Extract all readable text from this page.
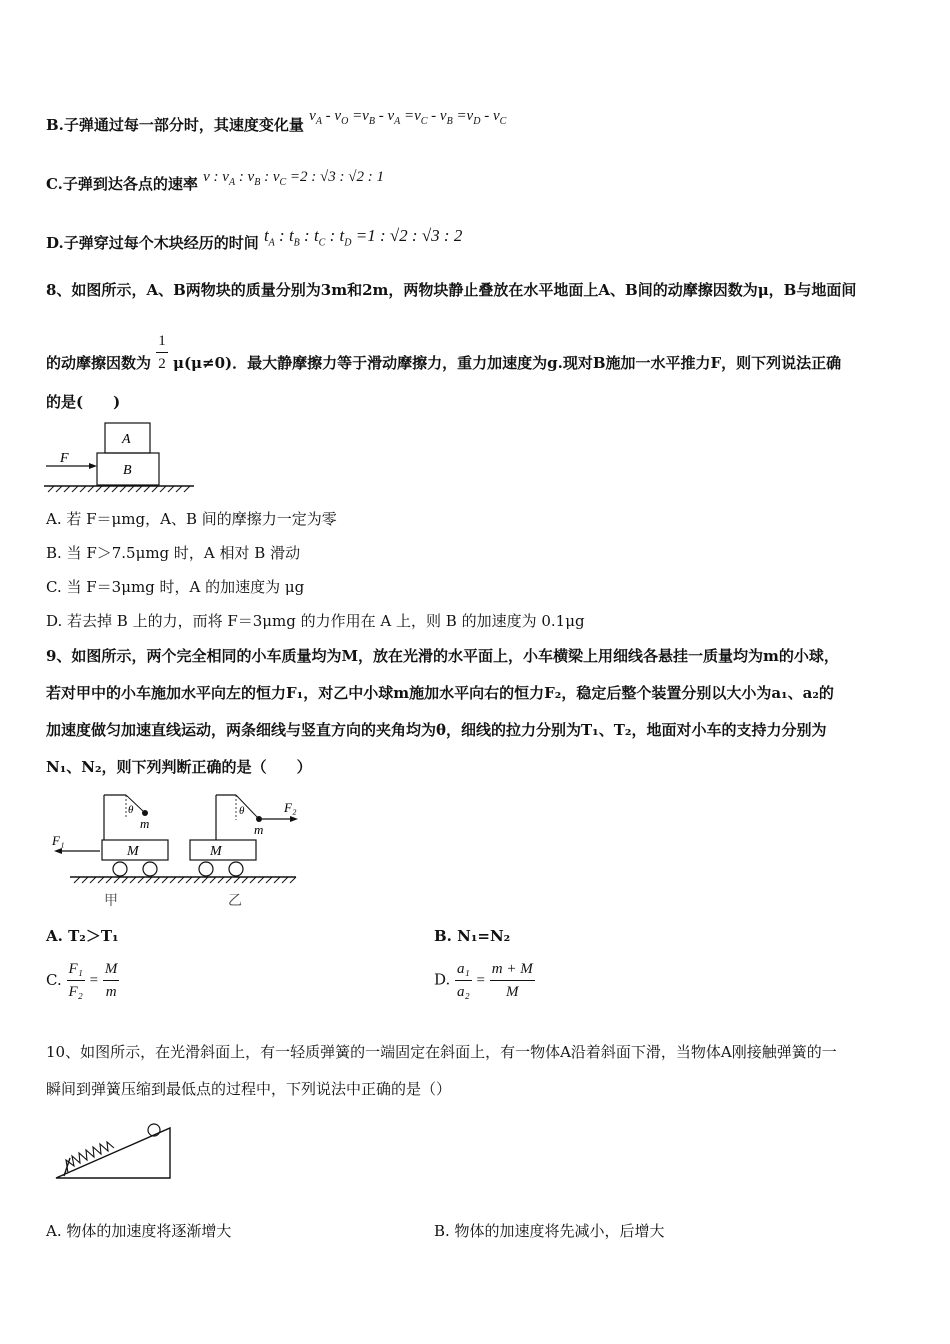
B.子弹通过每一部分时，其速度变化量 $v_A - v_O =v_B - v_A =v_C - v_B =v_D - v_C$
C.子弹到达各点的速率 v : $v_A$ : $v_B$ : $v_C =2$ : √3 : √2 : 1
D.子弹穿过每个木块经历的时间 $t_A$ : $t_B$ : $t_C$ : $t_D =1$ : √2 : √3 : 2
8、如图所示，A、B两物块的质量分别为3m和2m，两物块静止叠放在水平地面上A、B间的动摩擦因数为μ，B与地面间
的动摩擦因数为 $\frac{1}{2} \mu(\mu\ne 0)$．最大静摩擦力等于滑动摩擦力，重力加速度为g.现对B施加一水平推力F，则下列说法正确
的是(　　)
A
B
F
A. 若 F＝μmg，A、B 间的摩擦力一定为零
B. 当 F＞7.5μmg 时，A 相对 B 滑动
C. 当 F＝3μmg 时，A 的加速度为 μg
D. 若去掉 B 上的力，而将 F＝3μmg 的力作用在 A 上，则 B 的加速度为 0.1μg
9、如图所示，两个完全相同的小车质量均为M，放在光滑的水平面上，小车横梁上用细线各悬挂一质量均为m的小球，
若对甲中的小车施加水平向左的恒力F₁，对乙中小球m施加水平向右的恒力F₂，稳定后整个装置分别以大小为a₁、a₂的
加速度做匀加速直线运动，两条细线与竖直方向的夹角均为θ，细线的拉力分别为T₁、T₂，地面对小车的支持力分别为
N₁、N₂，则下列判断正确的是（　　）
θ
m
M
F₁
θ
m
M
F₂
甲	乙
A. T₂＞T₁	B. N₁=N₂
C. $\frac{\text{F₁}}{\text{F₂}} = \frac{M}{m}$	D. $\frac{\text{a₁}}{\text{a₂}} = \frac{m + M}{M}$
10、如图所示，在光滑斜面上，有一轻质弹簧的一端固定在斜面上，有一物体A沿着斜面下滑，当物体A刚接触弹簧的一
瞬间到弹簧压缩到最低点的过程中，下列说法中正确的是（）
A. 物体的加速度将逐渐增大	B. 物体的加速度将先减小，后增大
